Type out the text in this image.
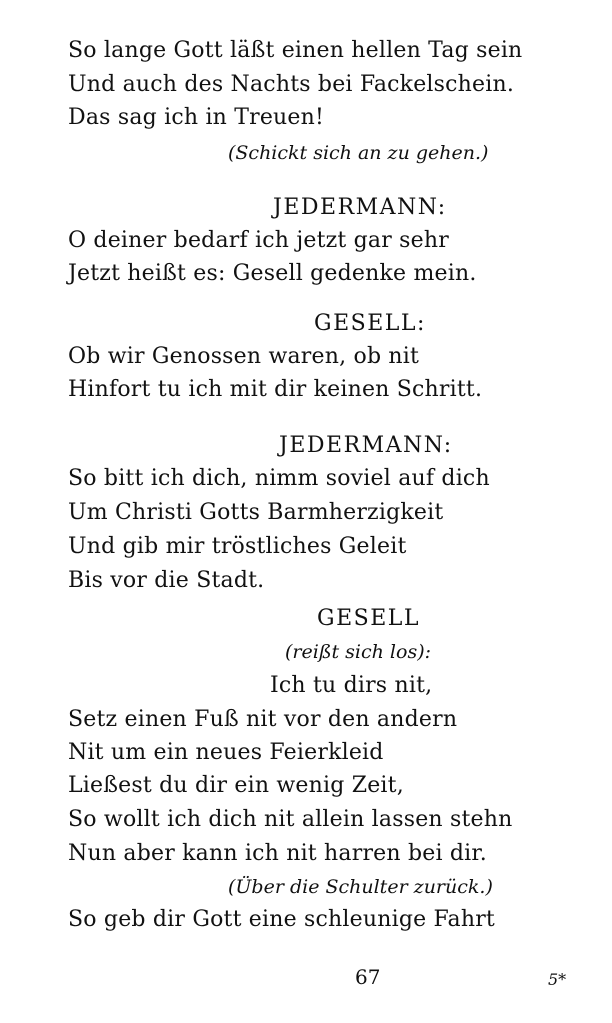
So lange Gott läßt einen hellen Tag sein
Und auch des Nachts bei Fackelschein.
Das sag ich in Treuen!
(Schickt sich an zu gehen.)
JEDERMANN:
O deiner bedarf ich jetzt gar sehr
Jetzt heißt es: Gesell gedenke mein.
GESELL:
Ob wir Genossen waren, ob nit
Hinfort tu ich mit dir keinen Schritt.
JEDERMANN:
So bitt ich dich, nimm soviel auf dich
Um Christi Gotts Barmherzigkeit
Und gib mir tröstliches Geleit
Bis vor die Stadt.
GESELL
(reißt sich los):
Ich tu dirs nit,
Setz einen Fuß nit vor den andern
Nit um ein neues Feierkleid
Ließest du dir ein wenig Zeit,
So wollt ich dich nit allein lassen stehn
Nun aber kann ich nit harren bei dir.
(Über die Schulter zurück.)
So geb dir Gott eine schleunige Fahrt
67	5*
